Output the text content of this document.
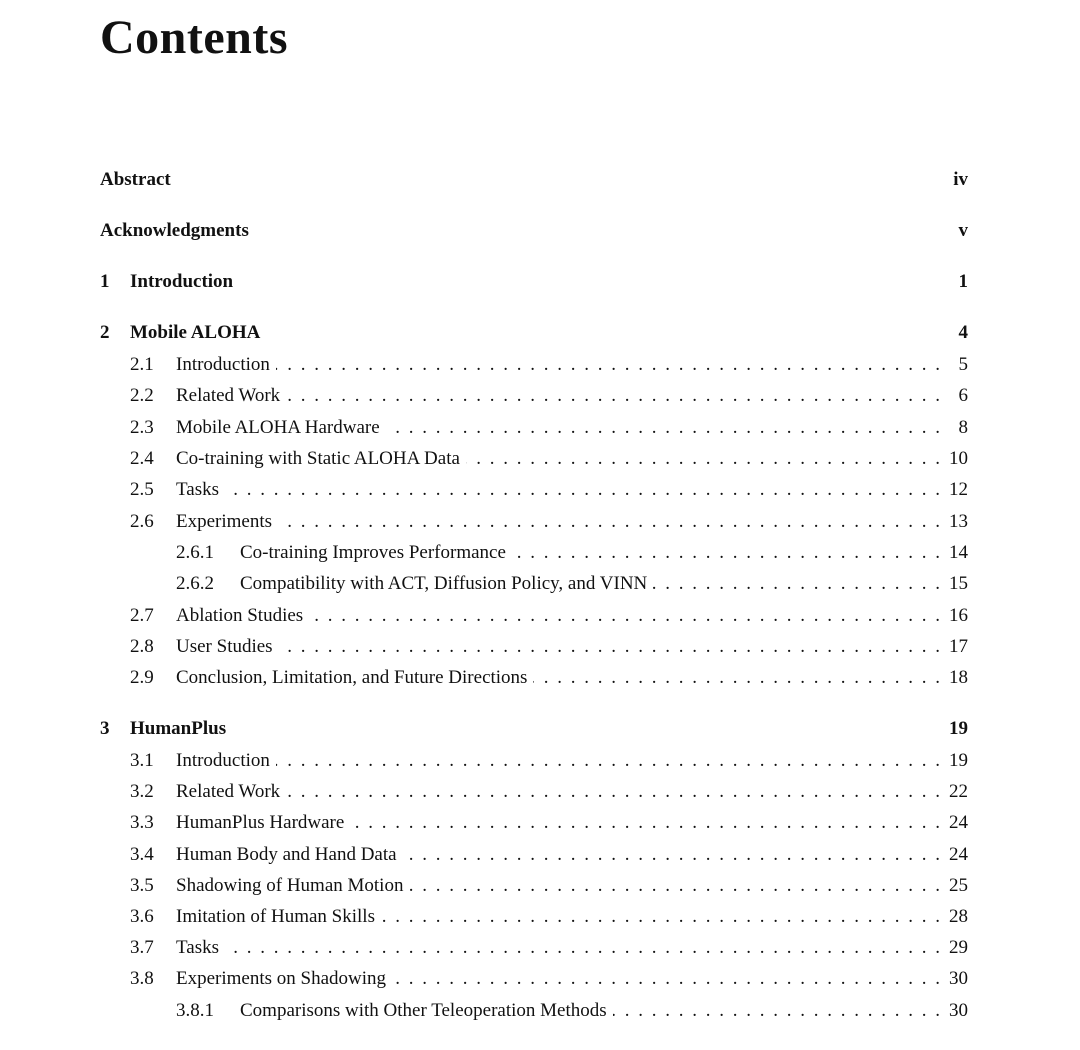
Contents
Abstract	iv
Acknowledgments	v
1	Introduction	1
2	Mobile ALOHA	4
2.1	Introduction . . .	5
2.2	Related Work . . .	6
2.3	Mobile ALOHA Hardware . . .	8
2.4	Co-training with Static ALOHA Data . . .	10
2.5	Tasks . . .	12
2.6	Experiments . . .	13
2.6.1	Co-training Improves Performance . . .	14
2.6.2	Compatibility with ACT, Diffusion Policy, and VINN . . .	15
2.7	Ablation Studies . . .	16
2.8	User Studies . . .	17
2.9	Conclusion, Limitation, and Future Directions . . .	18
3	HumanPlus	19
3.1	Introduction . . .	19
3.2	Related Work . . .	22
3.3	HumanPlus Hardware . . .	24
3.4	Human Body and Hand Data . . .	24
3.5	Shadowing of Human Motion . . .	25
3.6	Imitation of Human Skills . . .	28
3.7	Tasks . . .	29
3.8	Experiments on Shadowing . . .	30
3.8.1	Comparisons with Other Teleoperation Methods . . .	30
